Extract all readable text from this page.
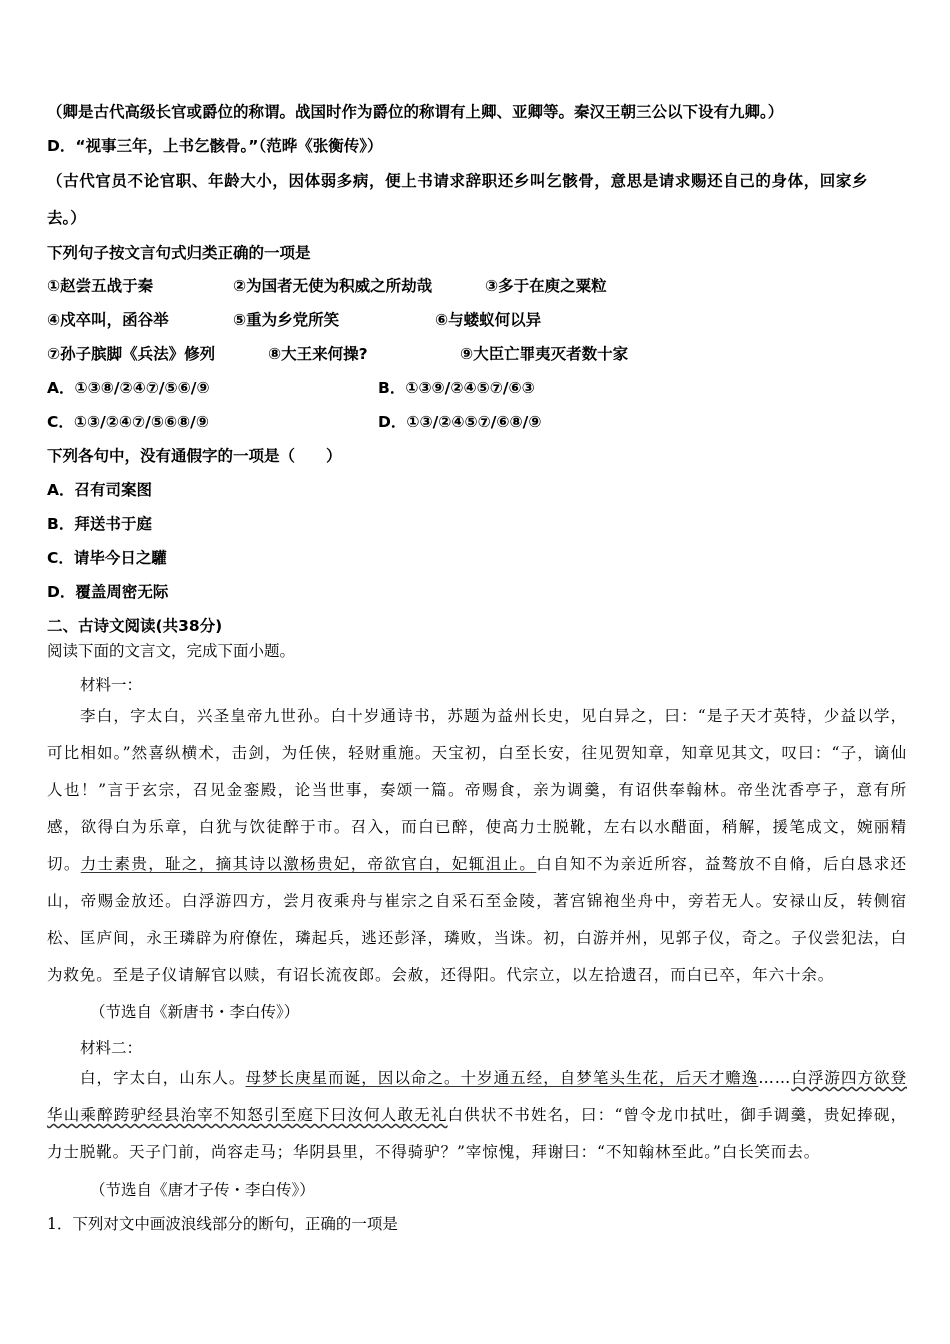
（卿是古代高级长官或爵位的称谓。战国时作为爵位的称谓有上卿、亚卿等。秦汉王朝三公以下设有九卿。）
D．“视事三年，上书乞骸骨。”（范晔《张衡传》）
（古代官员不论官职、年龄大小，因体弱多病，便上书请求辞职还乡叫乞骸骨，意思是请求赐还自己的身体，回家乡
去。）
下列句子按文言句式归类正确的一项是
①赵尝五战于秦	②为国者无使为积威之所劫哉	③多于在庾之粟粒
④戍卒叫，函谷举	⑤重为乡党所笑	⑥与蝼蚁何以异
⑦孙子膑脚《兵法》修列	⑧大王来何操?	⑨大臣亡罪夷灭者数十家
A．①③⑧/②④⑦/⑤⑥/⑨	B．①③⑨/②④⑤⑦/⑥③
C．①③/②④⑦/⑤⑥⑧/⑨	D．①③/②④⑤⑦/⑥⑧/⑨
下列各句中，没有通假字的一项是（　　）
A．召有司案图
B．拜送书于庭
C．请毕今日之驩
D．覆盖周密无际
二、古诗文阅读(共38分)
阅读下面的文言文，完成下面小题。
材料一：
李白，字太白，兴圣皇帝九世孙。白十岁通诗书，苏题为益州长史，见白异之，曰：“是子天才英特，少益以学，可比相如。”然喜纵横术，击剑，为任侠，轻财重施。天宝初，白至长安，往见贺知章，知章见其文，叹曰：“子，谪仙人也！”言于玄宗，召见金銮殿，论当世事，奏颂一篇。帝赐食，亲为调羹，有诏供奉翰林。帝坐沈香亭子，意有所感，欲得白为乐章，白犹与饮徒醉于市。召入，而白已醉，使高力士脱靴，左右以水醋面，稍解，援笔成文，婉丽精切。力士素贵，耻之，摘其诗以激杨贵妃，帝欲官白，妃辄沮止。白自知不为亲近所容，益骜放不自脩，后白恳求还山，帝赐金放还。白浮游四方，尝月夜乘舟与崔宗之自采石至金陵，著宫锦袍坐舟中，旁若无人。安禄山反，转侧宿松、匡庐间，永王璘辟为府僚佐，璘起兵，逃还彭泽，璘败，当诛。初，白游并州，见郭子仪，奇之。子仪尝犯法，白为救免。至是子仪请解官以赎，有诏长流夜郎。会赦，还得阳。代宗立，以左拾遗召，而白已卒，年六十余。
（节选自《新唐书・李白传》）
材料二：
白，字太白，山东人。母梦长庚星而诞，因以命之。十岁通五经，自梦笔头生花，后天才赡逸……白浮游四方欲登华山乘醉跨驴经县治宰不知怒引至庭下曰汝何人敢无礼白供状不书姓名，曰：“曾令龙巾拭吐，御手调羹，贵妃捧砚，力士脱靴。天子门前，尚容走马；华阴县里，不得骑驴？”宰惊愧，拜谢曰：“不知翰林至此。”白长笑而去。
（节选自《唐才子传・李白传》）
1．下列对文中画波浪线部分的断句，正确的一项是
